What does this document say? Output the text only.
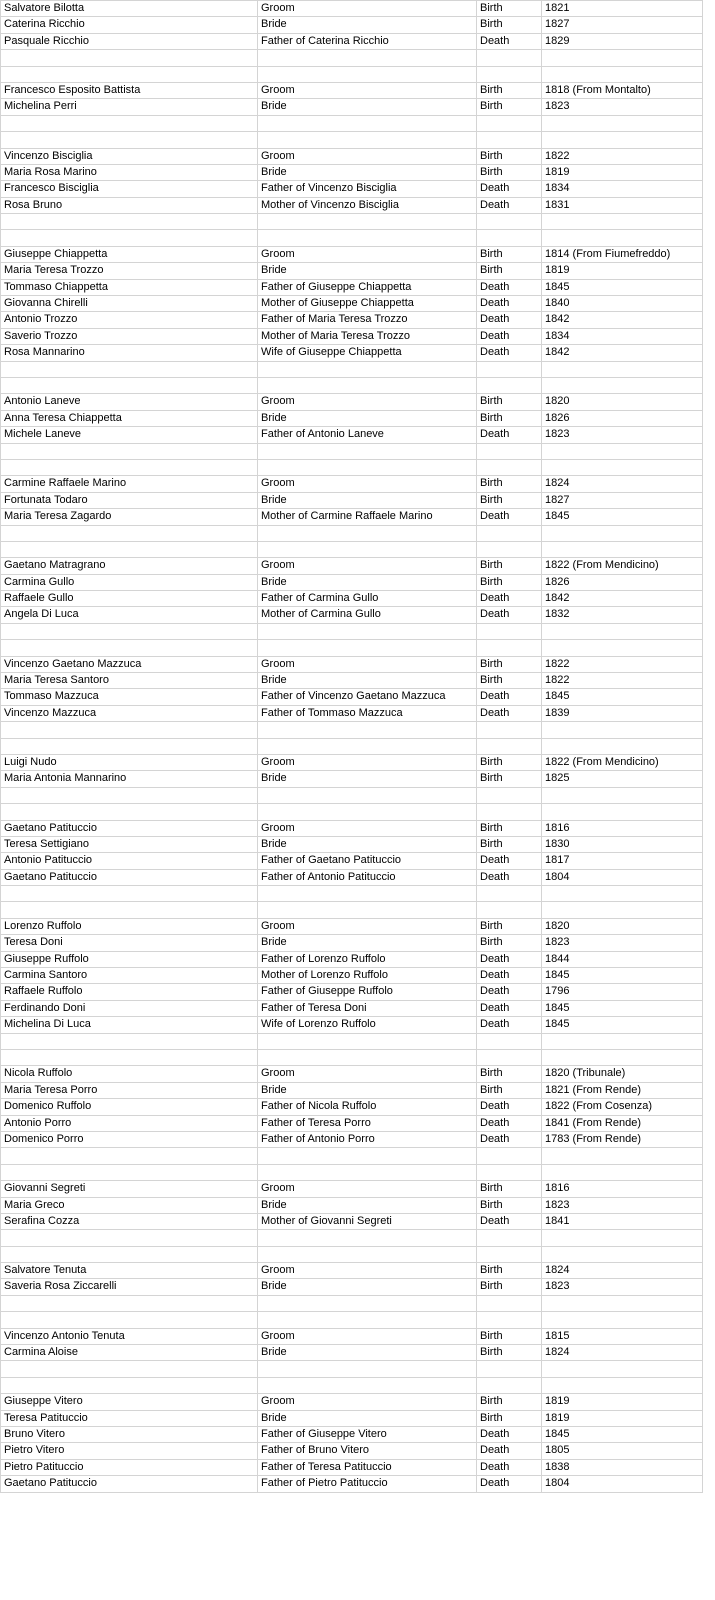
Salvatore Bilotta	Groom	Birth	1821
Caterina Ricchio	Bride	Birth	1827
Pasquale Ricchio	Father of Caterina Ricchio	Death	1829
Francesco Esposito Battista	Groom	Birth	1818 (From Montalto)
Michelina Perri	Bride	Birth	1823
Vincenzo Bisciglia	Groom	Birth	1822
Maria Rosa Marino	Bride	Birth	1819
Francesco Bisciglia	Father of Vincenzo Bisciglia	Death	1834
Rosa Bruno	Mother of Vincenzo Bisciglia	Death	1831
Giuseppe Chiappetta	Groom	Birth	1814 (From Fiumefreddo)
Maria Teresa Trozzo	Bride	Birth	1819
Tommaso Chiappetta	Father of Giuseppe Chiappetta	Death	1845
Giovanna Chirelli	Mother of Giuseppe Chiappetta	Death	1840
Antonio Trozzo	Father of Maria Teresa Trozzo	Death	1842
Saverio Trozzo	Mother of Maria Teresa Trozzo	Death	1834
Rosa Mannarino	Wife of Giuseppe Chiappetta	Death	1842
Antonio Laneve	Groom	Birth	1820
Anna Teresa Chiappetta	Bride	Birth	1826
Michele Laneve	Father of Antonio Laneve	Death	1823
Carmine Raffaele Marino	Groom	Birth	1824
Fortunata Todaro	Bride	Birth	1827
Maria Teresa Zagardo	Mother of Carmine Raffaele Marino	Death	1845
Gaetano Matragrano	Groom	Birth	1822 (From Mendicino)
Carmina Gullo	Bride	Birth	1826
Raffaele Gullo	Father of Carmina Gullo	Death	1842
Angela Di Luca	Mother of Carmina Gullo	Death	1832
Vincenzo Gaetano Mazzuca	Groom	Birth	1822
Maria Teresa Santoro	Bride	Birth	1822
Tommaso Mazzuca	Father of Vincenzo Gaetano Mazzuca	Death	1845
Vincenzo Mazzuca	Father of Tommaso Mazzuca	Death	1839
Luigi Nudo	Groom	Birth	1822 (From Mendicino)
Maria Antonia Mannarino	Bride	Birth	1825
Gaetano Patituccio	Groom	Birth	1816
Teresa Settigiano	Bride	Birth	1830
Antonio Patituccio	Father of Gaetano Patituccio	Death	1817
Gaetano Patituccio	Father of Antonio Patituccio	Death	1804
Lorenzo Ruffolo	Groom	Birth	1820
Teresa Doni	Bride	Birth	1823
Giuseppe Ruffolo	Father of Lorenzo Ruffolo	Death	1844
Carmina Santoro	Mother of Lorenzo Ruffolo	Death	1845
Raffaele Ruffolo	Father of Giuseppe Ruffolo	Death	1796
Ferdinando Doni	Father of Teresa Doni	Death	1845
Michelina Di Luca	Wife of Lorenzo Ruffolo	Death	1845
Nicola Ruffolo	Groom	Birth	1820 (Tribunale)
Maria Teresa Porro	Bride	Birth	1821 (From Rende)
Domenico Ruffolo	Father of Nicola Ruffolo	Death	1822 (From Cosenza)
Antonio Porro	Father of Teresa Porro	Death	1841 (From Rende)
Domenico Porro	Father of Antonio Porro	Death	1783 (From Rende)
Giovanni Segreti	Groom	Birth	1816
Maria Greco	Bride	Birth	1823
Serafina Cozza	Mother of Giovanni Segreti	Death	1841
Salvatore Tenuta	Groom	Birth	1824
Saveria Rosa Ziccarelli	Bride	Birth	1823
Vincenzo Antonio Tenuta	Groom	Birth	1815
Carmina Aloise	Bride	Birth	1824
Giuseppe Vitero	Groom	Birth	1819
Teresa Patituccio	Bride	Birth	1819
Bruno Vitero	Father of Giuseppe Vitero	Death	1845
Pietro Vitero	Father of Bruno Vitero	Death	1805
Pietro Patituccio	Father of Teresa Patituccio	Death	1838
Gaetano Patituccio	Father of Pietro Patituccio	Death	1804
